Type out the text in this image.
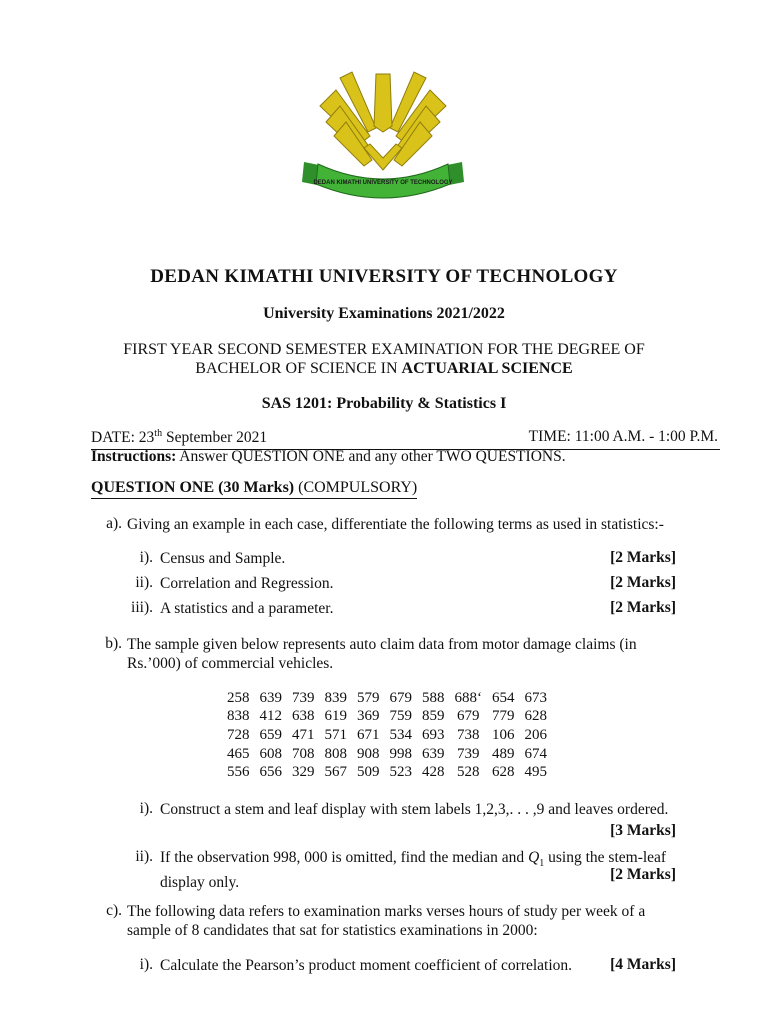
DEDAN KIMATHI UNIVERSITY OF TECHNOLOGY
DEDAN KIMATHI UNIVERSITY OF TECHNOLOGY
University Examinations 2021/2022
FIRST YEAR SECOND SEMESTER EXAMINATION FOR THE DEGREE OF
BACHELOR OF SCIENCE IN ACTUARIAL SCIENCE
SAS 1201: Probability & Statistics I
DATE: 23th September 2021	TIME: 11:00 A.M. - 1:00 P.M.
Instructions: Answer QUESTION ONE and any other TWO QUESTIONS.
QUESTION ONE (30 Marks) (COMPULSORY)
a). Giving an example in each case, differentiate the following terms as used in statistics:-
i). Census and Sample.	[2 Marks]
ii). Correlation and Regression.	[2 Marks]
iii). A statistics and a parameter.	[2 Marks]
b). The sample given below represents auto claim data from motor damage claims (in
Rs.’000) of commercial vehicles.
258	639	739	839	579	679	588	688‘	654	673
838	412	638	619	369	759	859	679	779	628
728	659	471	571	671	534	693	738	106	206
465	608	708	808	908	998	639	739	489	674
556	656	329	567	509	523	428	528	628	495
i). Construct a stem and leaf display with stem labels 1,2,3,. . . ,9 and leaves ordered.
[3 Marks]
ii). If the observation 998, 000 is omitted, find the median and $Q_1$ using the stem-leaf
display only.	[2 Marks]
c). The following data refers to examination marks verses hours of study per week of a
sample of 8 candidates that sat for statistics examinations in 2000:
i). Calculate the Pearson’s product moment coefficient of correlation. [4 Marks]
